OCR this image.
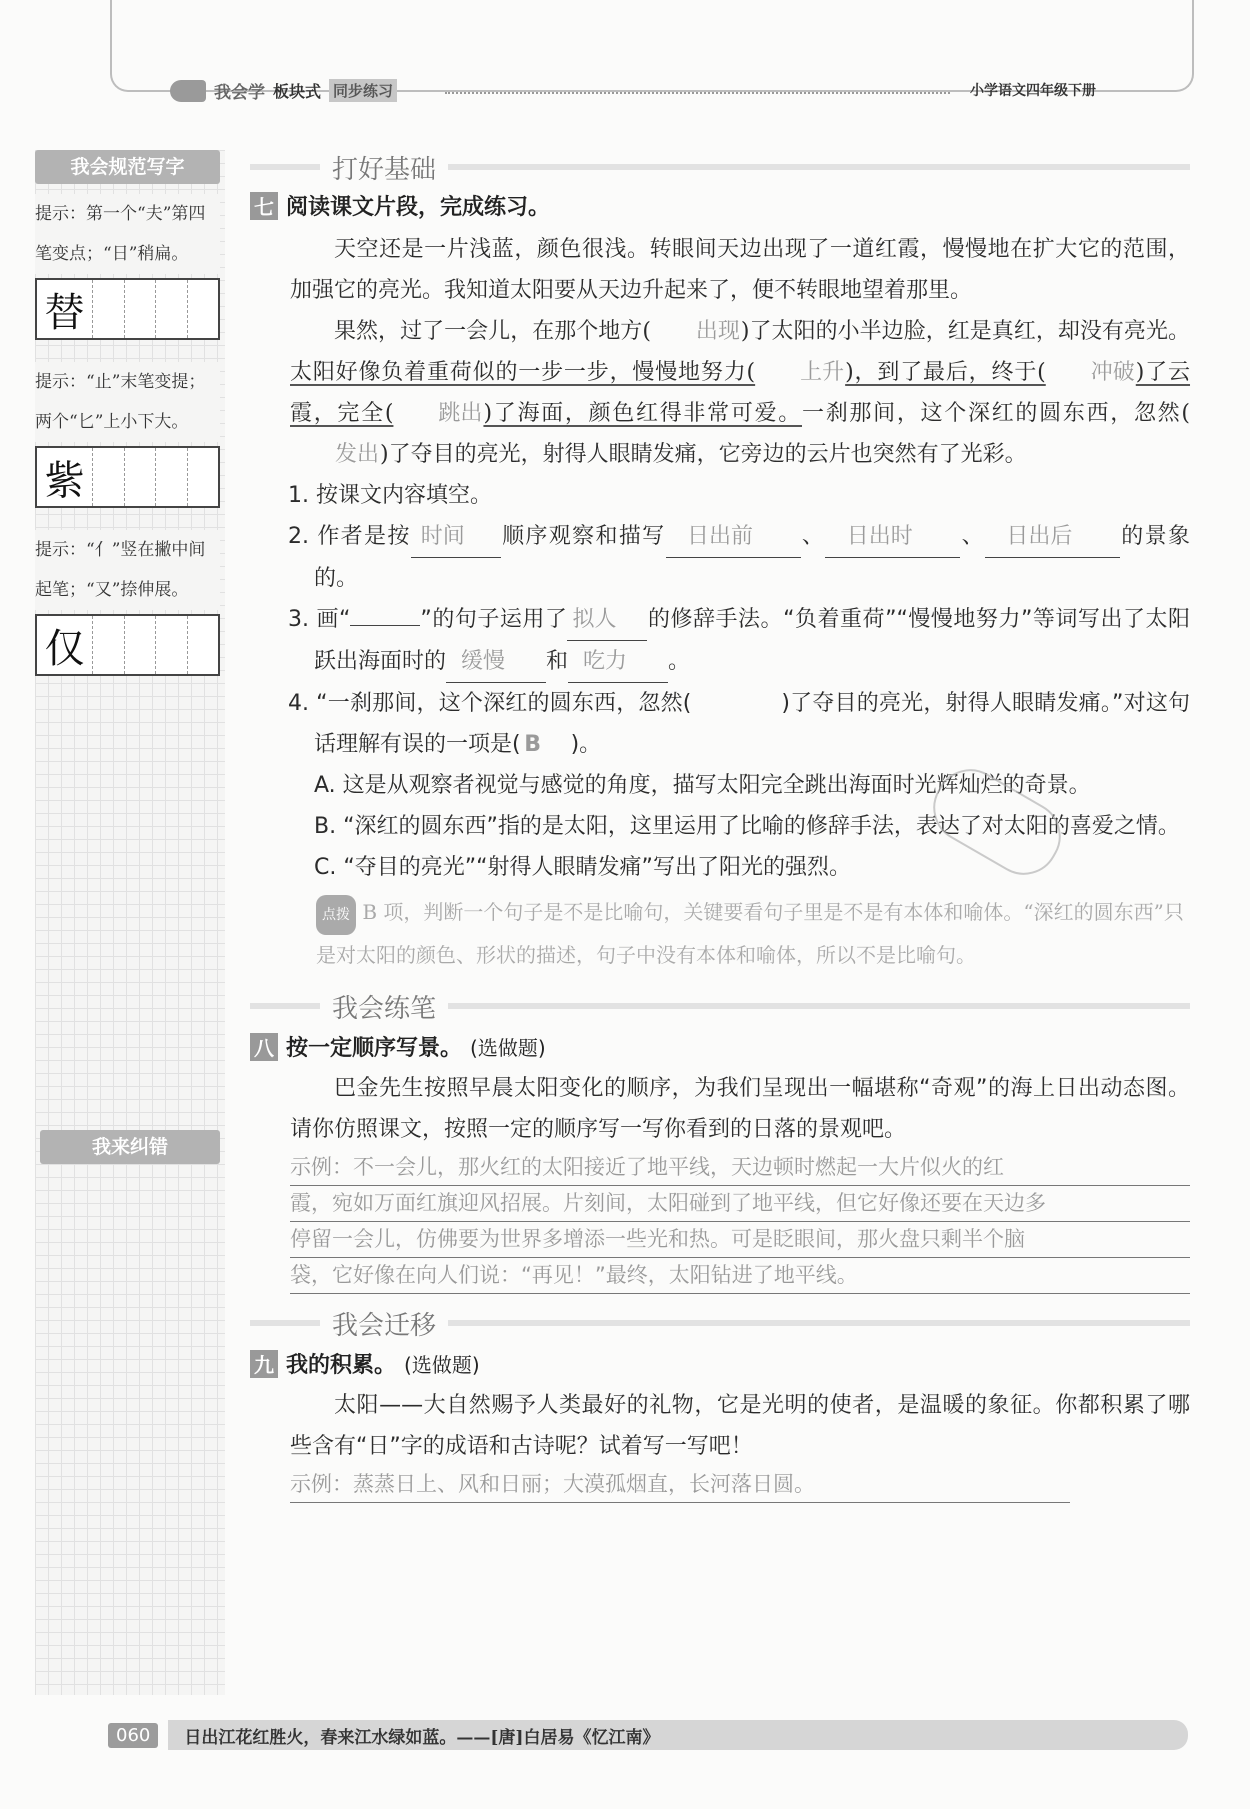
我会学 板块式 同步练习	小学语文四年级下册
我会规范写字
提示：第一个“夫”第四笔变点；“日”稍扁。
替
提示：“止”末笔变提；两个“匕”上小下大。
紫
提示：“亻”竖在撇中间起笔；“又”捺伸展。
仅
我来纠错
打好基础
七 阅读课文片段，完成练习。
天空还是一片浅蓝，颜色很浅。转眼间天边出现了一道红霞，慢慢地在扩大它的范围，加强它的亮光。我知道太阳要从天边升起来了，便不转眼地望着那里。
果然，过了一会儿，在那个地方( 出现)了太阳的小半边脸，红是真红，却没有亮光。太阳好像负着重荷似的一步一步，慢慢地努力( 上升)，到了最后，终于( 冲破)了云霞，完全( 跳出)了海面，颜色红得非常可爱。一刹那间，这个深红的圆东西，忽然(发出)了夺目的亮光，射得人眼睛发痛，它旁边的云片也突然有了光彩。
1. 按课文内容填空。
2. 作者是按 时间 顺序观察和描写 日出前 、 日出时 、 日出后 的景象的。
3. 画“	”的句子运用了 拟人 的修辞手法。“负着重荷”“慢慢地努力”等词写出了太阳跃出海面时的 缓慢 和 吃力 。
4. “一刹那间，这个深红的圆东西，忽然(	)了夺目的亮光，射得人眼睛发痛。”对这句话理解有误的一项是( B )。
A. 这是从观察者视觉与感觉的角度，描写太阳完全跳出海面时光辉灿烂的奇景。
B. “深红的圆东西”指的是太阳，这里运用了比喻的修辞手法，表达了对太阳的喜爱之情。
C. “夺目的亮光”“射得人眼睛发痛”写出了阳光的强烈。
点拨 B 项，判断一个句子是不是比喻句，关键要看句子里是不是有本体和喻体。“深红的圆东西”只是对太阳的颜色、形状的描述，句子中没有本体和喻体，所以不是比喻句。
我会练笔
八 按一定顺序写景。 (选做题)
巴金先生按照早晨太阳变化的顺序，为我们呈现出一幅堪称“奇观”的海上日出动态图。请你仿照课文，按照一定的顺序写一写你看到的日落的景观吧。
示例：不一会儿，那火红的太阳接近了地平线，天边顿时燃起一大片似火的红
霞，宛如万面红旗迎风招展。片刻间，太阳碰到了地平线，但它好像还要在天边多
停留一会儿，仿佛要为世界多增添一些光和热。可是眨眼间，那火盘只剩半个脑
袋，它好像在向人们说：“再见！”最终，太阳钻进了地平线。
我会迁移
九 我的积累。 (选做题)
太阳——大自然赐予人类最好的礼物，它是光明的使者，是温暖的象征。你都积累了哪些含有“日”字的成语和古诗呢？试着写一写吧！
示例：蒸蒸日上、风和日丽；大漠孤烟直，长河落日圆。
060	日出江花红胜火，春来江水绿如蓝。——[唐]白居易《忆江南》
